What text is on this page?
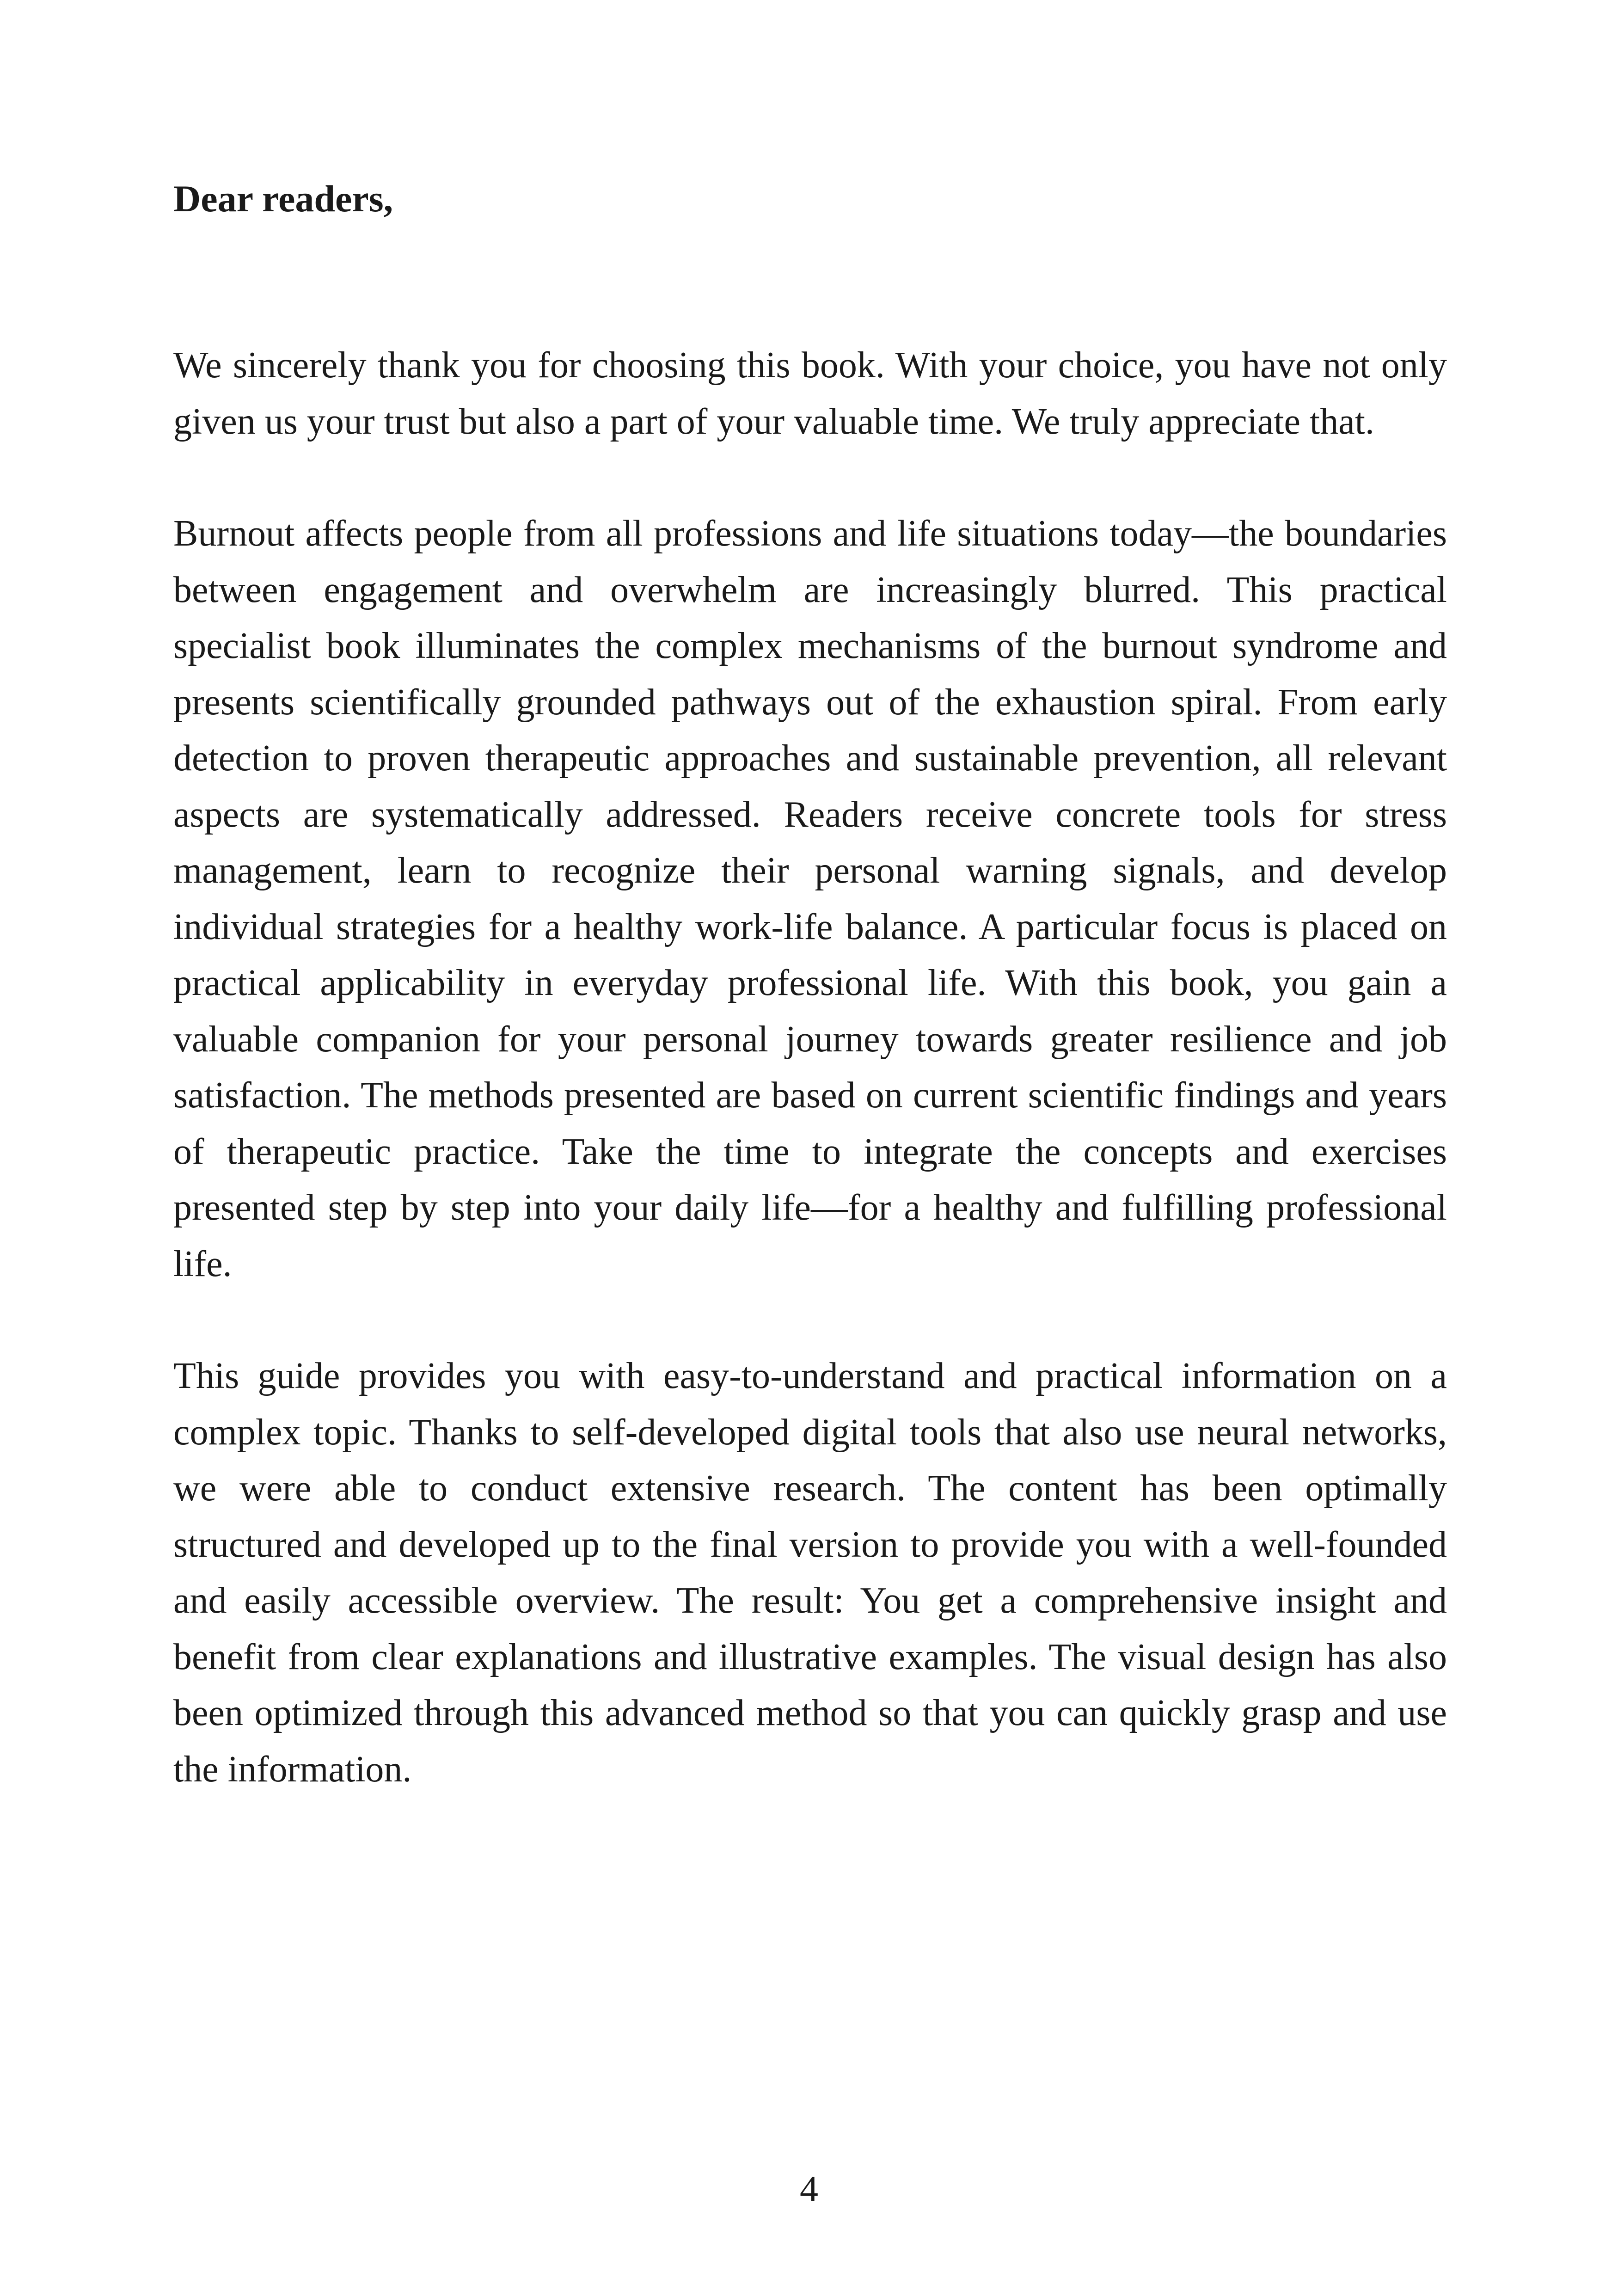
Dear readers,

We sincerely thank you for choosing this book. With your choice, you have not only given us your trust but also a part of your valuable time. We truly appreciate that.

Burnout affects people from all professions and life situations today—the boundaries between engagement and overwhelm are increasingly blurred. This practical specialist book illuminates the complex mechanisms of the burnout syndrome and presents scientifically grounded pathways out of the exhaustion spiral. From early detection to proven therapeutic approaches and sustainable prevention, all relevant aspects are systematically addressed. Readers receive concrete tools for stress management, learn to recognize their personal warning signals, and develop individual strategies for a healthy work-life balance. A particular focus is placed on practical applicability in everyday professional life. With this book, you gain a valuable companion for your personal journey towards greater resilience and job satisfaction. The methods presented are based on current scientific findings and years of therapeutic practice. Take the time to integrate the concepts and exercises presented step by step into your daily life—for a healthy and fulfilling professional life.

This guide provides you with easy-to-understand and practical information on a complex topic. Thanks to self-developed digital tools that also use neural networks, we were able to conduct extensive research. The content has been optimally structured and developed up to the final version to provide you with a well-founded and easily accessible overview. The result: You get a comprehensive insight and benefit from clear explanations and illustrative examples. The visual design has also been optimized through this advanced method so that you can quickly grasp and use the information.

4
